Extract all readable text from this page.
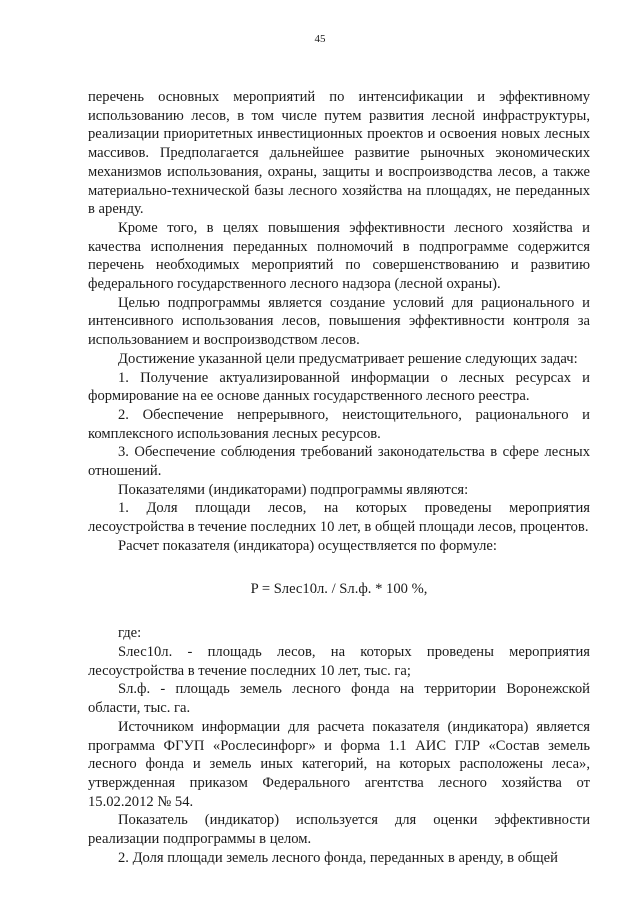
45

перечень основных мероприятий по интенсификации и эффективному использованию лесов, в том числе путем развития лесной инфраструктуры, реализации приоритетных инвестиционных проектов и освоения новых лесных массивов. Предполагается дальнейшее развитие рыночных экономических механизмов использования, охраны, защиты и воспроизводства лесов, а также материально-технической базы лесного хозяйства на площадях, не переданных в аренду.

Кроме того, в целях повышения эффективности лесного хозяйства и качества исполнения переданных полномочий в подпрограмме содержится перечень необходимых мероприятий по совершенствованию и развитию федерального государственного лесного надзора (лесной охраны).

Целью подпрограммы является создание условий для рационального и интенсивного использования лесов, повышения эффективности контроля за использованием и воспроизводством лесов.

Достижение указанной цели предусматривает решение следующих задач:

1. Получение актуализированной информации о лесных ресурсах и формирование на ее основе данных государственного лесного реестра.

2. Обеспечение непрерывного, неистощительного, рационального и комплексного использования лесных ресурсов.

3. Обеспечение соблюдения требований законодательства в сфере лесных отношений.

Показателями (индикаторами) подпрограммы являются:

1. Доля площади лесов, на которых проведены мероприятия лесоустройства в течение последних 10 лет, в общей площади лесов, процентов.

Расчет показателя (индикатора) осуществляется по формуле:

P = Sлес10л. / Sл.ф. * 100 %,

где:

Sлес10л. - площадь лесов, на которых проведены мероприятия лесоустройства в течение последних 10 лет, тыс. га;

Sл.ф. - площадь земель лесного фонда на территории Воронежской области, тыс. га.

Источником информации для расчета показателя (индикатора) является программа ФГУП «Рослесинфорг» и форма 1.1 АИС ГЛР «Состав земель лесного фонда и земель иных категорий, на которых расположены леса», утвержденная приказом Федерального агентства лесного хозяйства от 15.02.2012 № 54.

Показатель (индикатор) используется для оценки эффективности реализации подпрограммы в целом.

2. Доля площади земель лесного фонда, переданных в аренду, в общей
